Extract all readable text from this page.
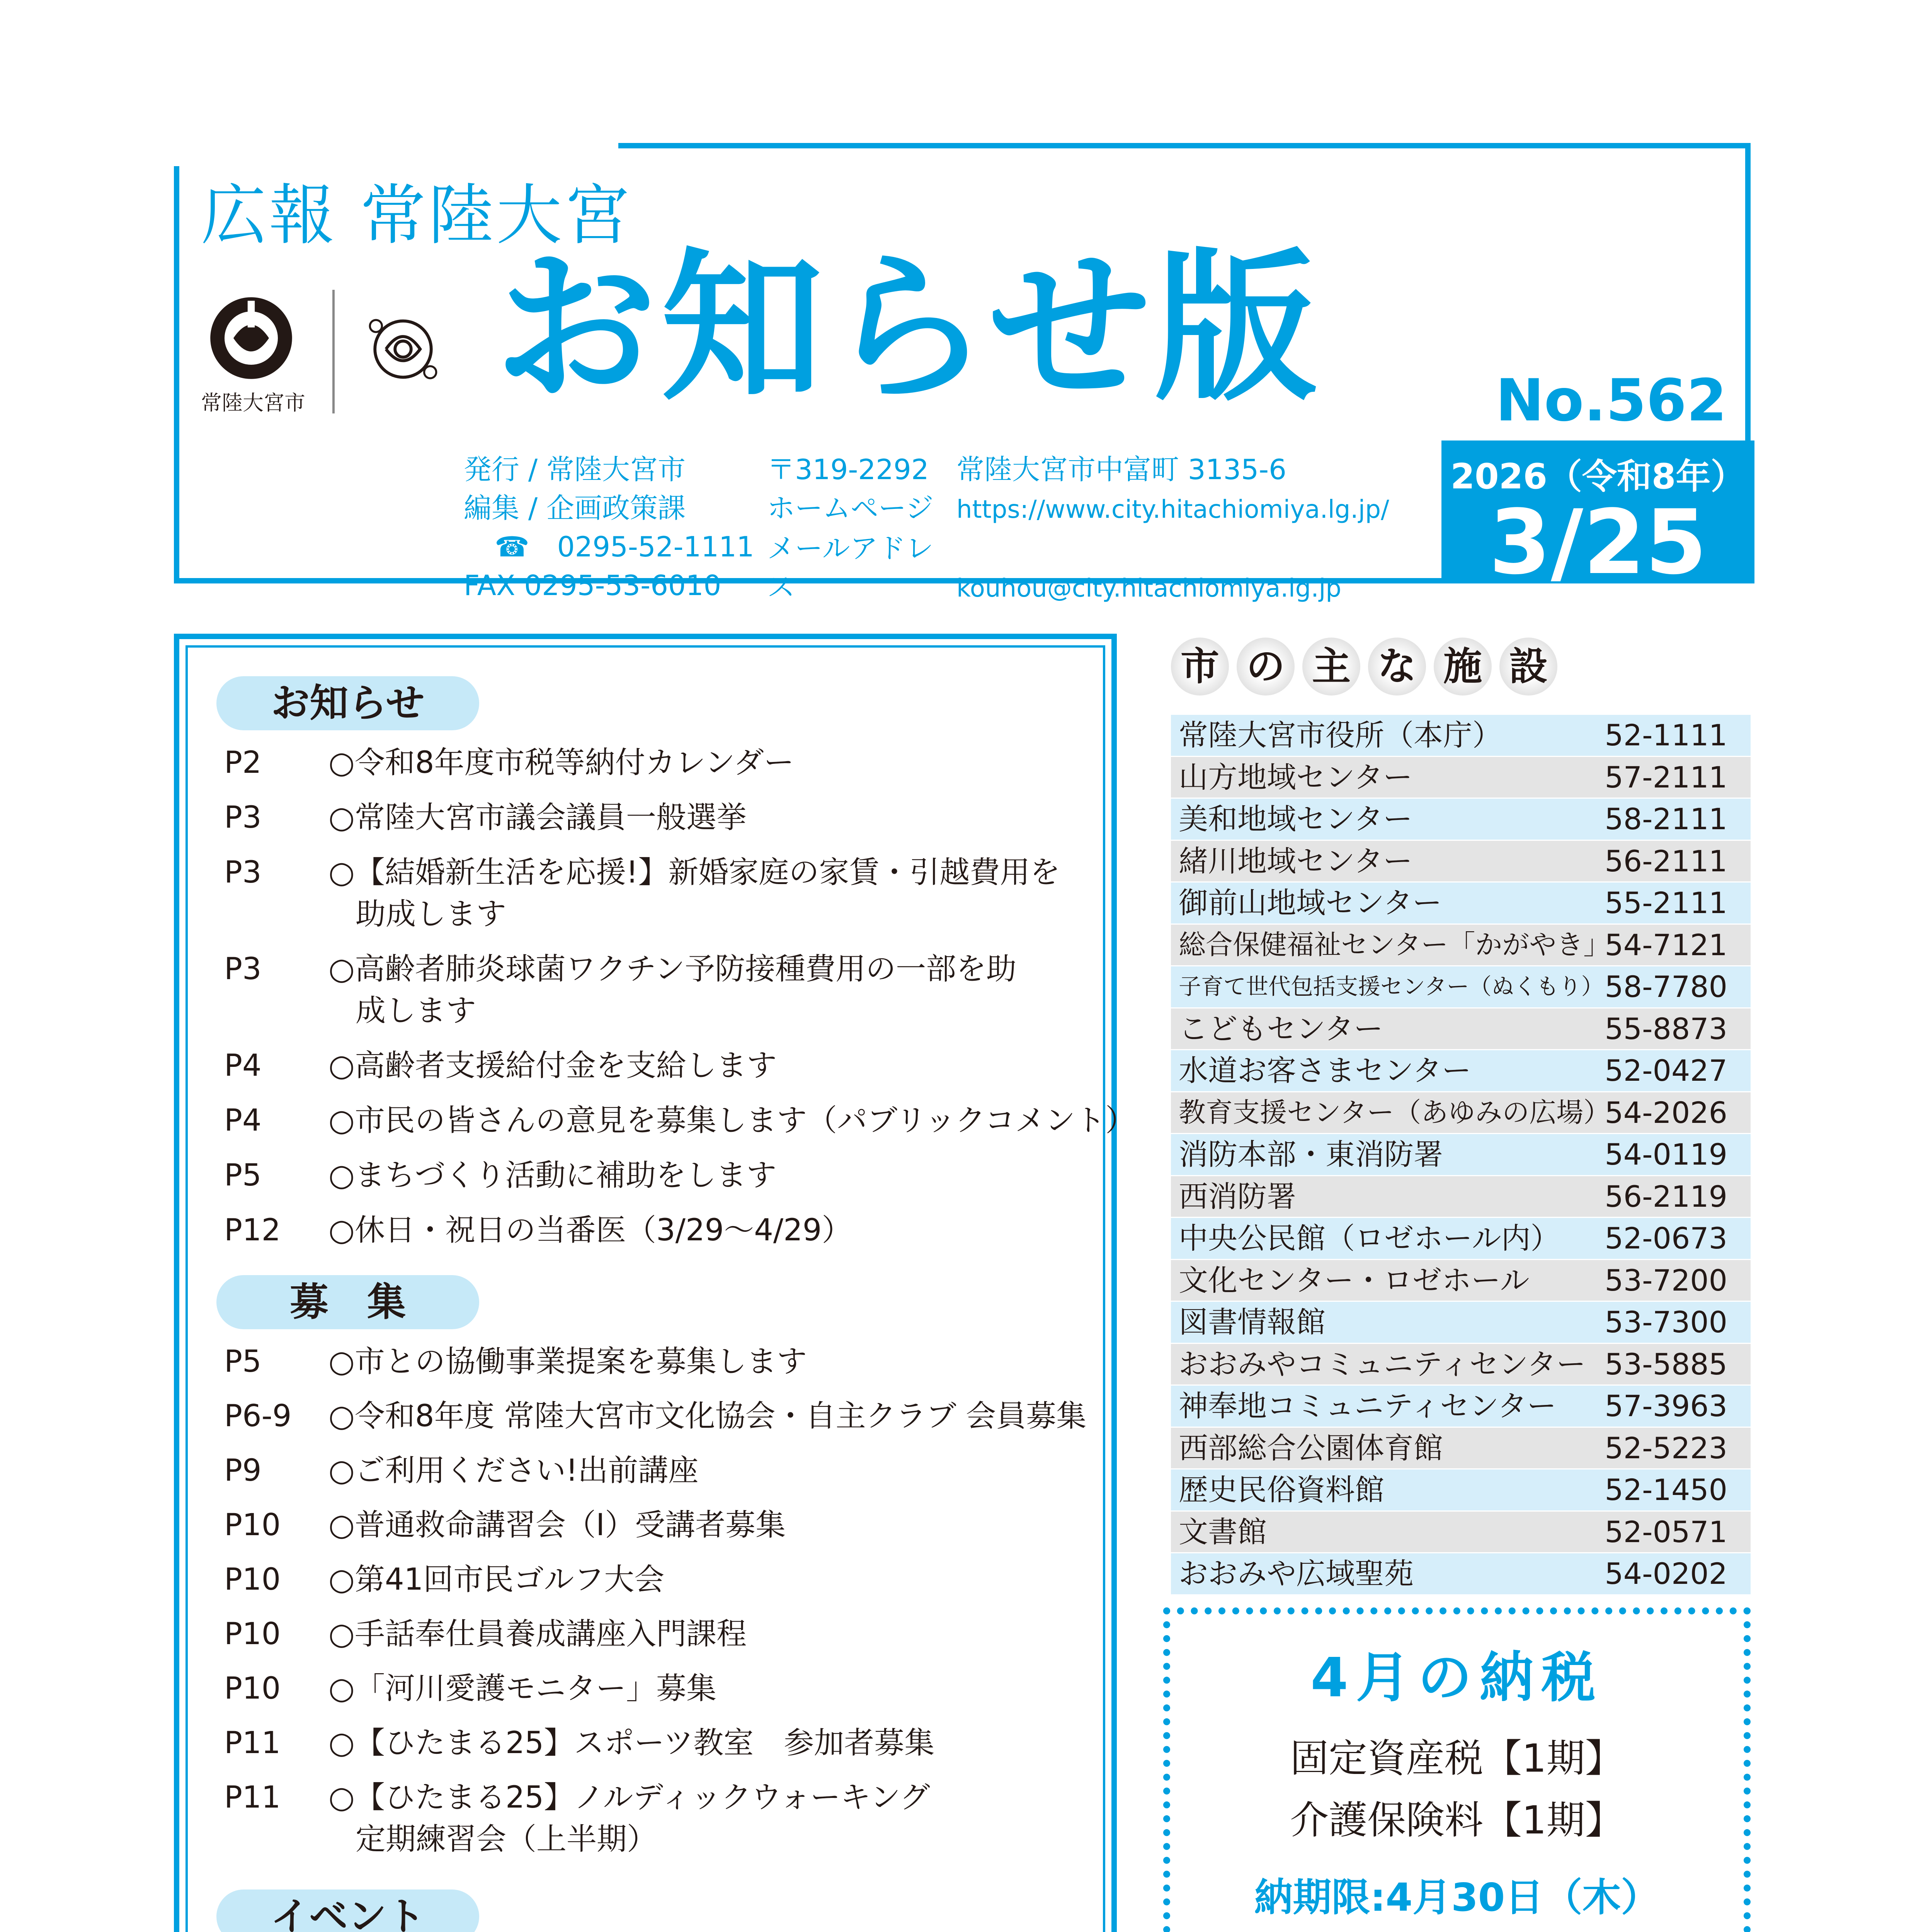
広報 常陸大宮
常陸大宮市 お知らせ版	No.562
2026（令和8年）
3/25
発行 / 常陸大宮市
編集 / 企画政策課
☎　0295-52-1111
FAX 0295-53-6010
〒319-2292 常陸大宮市中富町 3135-6
ホームページ https://www.city.hitachiomiya.lg.jp/
メールアドレス	kouhou@city.hitachiomiya.lg.jp
お知らせ
P2	○令和8年度市税等納付カレンダー
P3	○常陸大宮市議会議員一般選挙
P3	○【結婚新生活を応援!】新婚家庭の家賃・引越費用を
助成します
P3	○高齢者肺炎球菌ワクチン予防接種費用の一部を助
成します
P4	○高齢者支援給付金を支給します
P4	○市民の皆さんの意見を募集します（パブリックコメント）
P5	○まちづくり活動に補助をします
P12	○休日・祝日の当番医（3/29〜4/29）
募　集
P5	○市との協働事業提案を募集します
P6-9	○令和8年度 常陸大宮市文化協会・自主クラブ 会員募集
P9	○ご利用ください!出前講座
P10	○普通救命講習会（Ⅰ）受講者募集
P10	○第41回市民ゴルフ大会
P10	○手話奉仕員養成講座入門課程
P10	○「河川愛護モニター」募集
P11	○【ひたまる25】スポーツ教室　参加者募集
P11	○【ひたまる25】ノルディックウォーキング
定期練習会（上半期）
イベント
市 の 主 な 施 設
常陸大宮市役所（本庁）	52-1111
山方地域センター	57-2111
美和地域センター	58-2111
緒川地域センター	56-2111
御前山地域センター	55-2111
総合保健福祉センター「かがやき」
54-7121
子育て世代包括支援センター（ぬくもり） 58-7780
こどもセンター	55-8873
水道お客さまセンター	52-0427
教育支援センター（あゆみの広場）
54-2026
消防本部・東消防署	54-0119
西消防署	56-2119
中央公民館（ロゼホール内） 52-0673
文化センター・ロゼホール	53-7200
図書情報館	53-7300
おおみやコミュニティセンター 53-5885
神奉地コミュニティセンター 57-3963
西部総合公園体育館	52-5223
歴史民俗資料館	52-1450
文書館	52-0571
おおみや広域聖苑	54-0202
4月の納税
固定資産税【1期】
介護保険料【1期】
納期限:4月30日（木）
